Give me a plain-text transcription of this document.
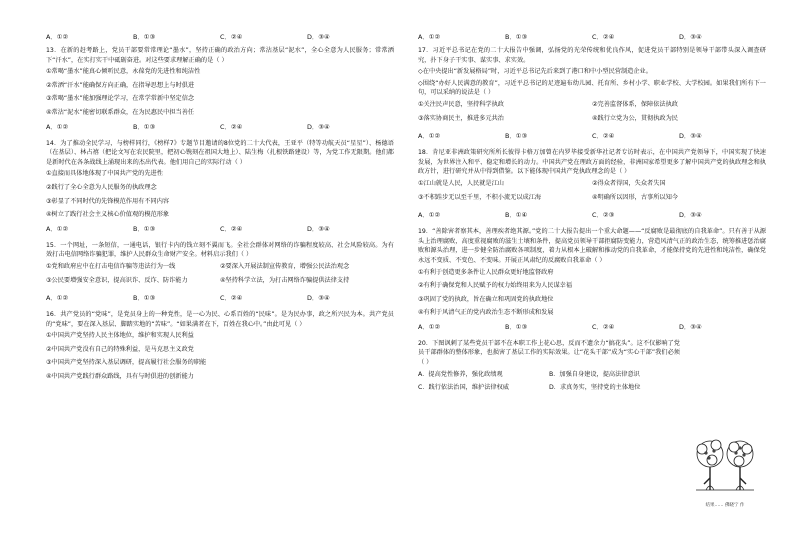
A．①②	B．①③	C．②④	D．③④
13．在新的赶考路上，党员干部要常常理论“墨水”，坚持正确的政治方向；常沾基层“泥水”，全心全意为人民服务；常常洒下“汗水”，在实打实干中砥砺奋进。对这些要求理解正确的是（ ）
①常喝“墨水”能真心倾听民意，永葆党的先进性和纯洁性
②常洒“汗水”能确保方向正确，在指导思想上与时俱进
③常喝“墨水”能加强理论学习，在常学常新中坚定信念
④常沾“泥水”能密切联系群众，在为民惠民中担当善任
A．①②	B．①③	C．②④	D．③④
14．为了推动全民学习，与榜样同行，《榜样7》专题节目邀请的8位党的二十大代表，王亚平（特等功航天员“星星”）、杨德语（在基层）、林占禧（把论文写在农民院里，把初心镌刻在祖国大地上）、陆生梅（扎根铁路建设）等，为党工作无限期。他们都是新时代在各条战线上涌现出来的杰出代表。他们用自己的实际行动（ ）
①直接而具体地体现了中国共产党的先进性
②践行了全心全意为人民服务的执政理念
③彰显了不同时代的先锋模范作用有不同内容
④树立了践行社会主义核心价值观的模范形象
A．①②	B．①③	C．②④	D．③④
15．一个网址，一条短信，一通电话，银行卡内的钱立刻不翼而飞。全社会群体对网络的诈骗程度较高、社会风险较高。为有效打击电信网络诈骗犯罪，维护人民群众生命财产安全。材料启示我们（ ）
①党和政府应中在打击电信诈骗等违法行为一线	②要深入开展法制宣传教育，增强公民法治观念
③公民要增强安全意识，提高识诈、反诈、防诈能力	④坚持科学立法，为打击网络诈骗提供法律支持
A．①②	B．①③	C．②④	D．③④
16．共产党员的“党味”，是党员身上的一种党性，是一心为民、心系百姓的“民味”。是为民办事，政之所兴民为本。共产党员的“党味”，要在深入基层、脚踏实地的“苦味”。“如果满者在下，百姓在我心中。”由此可见（ ）
①中国共产党坚持人民主体地位，维护和实现人民利益
②中国共产党没有自己的特殊利益，是马克思主义政党
③中国共产党坚持深入基层调研，提高履行社会服务的职能
④中国共产党践行群众路线，具有与时俱进的创新能力
A．①②	B．①③	C．②④	D．③④
17．习近平总书记在党的二十大报告中强调，弘扬党的光荣传统和优良作风，促进党员干部特别是领导干部带头深入调查研究，扑下身子干实事、谋实事、求实效。
◇在中央提出“新发展格局”时，习近平总书记先后来到了港口和中小型民营制造企业。
◇围绕“办好人民满意的教育”，习近平总书记的足迹遍布幼儿园、托育所、乡村小学、职业学校、大学校园。如果我们所有下一句，可以采纳的说法是（ ）
①关注民声民意，坚持科学执政	②完善监督体系，保障依法执政
③落实协商民主，推进多元共治	④践行立党为公，贯彻执政为民
A．①②	B．①③	C．②④	D．③④
18．肯尼亚非洲政策研究所所长彼得卡格万加曾在内罗毕接受新华社记者专访时表示，在中国共产党领导下，中国实现了快速发展，为世界注入和平、稳定和增长的动力。中国共产党在理政方面的经验，非洲国家希望更多了解中国共产党的执政理念和执政方针，进行研究并从中得到借鉴。以下能体现中国共产党执政理念的是（ ）
①江山就是人民，人民就是江山	②得众者得国，失众者失国
③不积跬步无以至千里，不积小流无以成江海	④明确所以因形，古事所以知今
A．①②	B．①④	C．②③	D．③④
19．“善除害者察其本，善理疾者绝其源。”党的二十大报告提出一个重大命题——“反腐败是最彻底的自我革命”。只有善于从源头上治理腐败，高度重视腐败的滋生土壤和条件，提高党员领导干部拒腐防变能力，营造风清气正的政治生态，统筹推进惩治腐败和源头治理，进一步健全防治腐败各项制度，着力从根本上破解和推动党的自我革命，才能保持党的先进性和纯洁性，确保党永远不变质、不变色、不变味。开展正风肃纪的反腐败自我革命（ ）
①有利于创造更多条件让人民群众更好地监督政府
②有利于确保党和人民赋予的权力始终用来为人民谋幸福
③巩固了党的执政，旨在确立和巩固党的执政地位
④有利于风清气正的党内政治生态不断形成和发展
A．①②	B．①③	C．②④	D．③④
20．下图讽刺了某些党员干部不在本职工作上花心思，反而不遗余力“搞花头”。这不仅影响了党员干部群体的整体形象，也损害了基层工作的实际效果。让“花头干部”成为“实心干部”我们必须（ ）
A．提高党性修养，强化政绩观	B．加强自身建设，提高法律意识
C．践行依法治国，维护法律权威	D．求真务实，坚持党的主体地位
结果…… 佛晓宁 作
